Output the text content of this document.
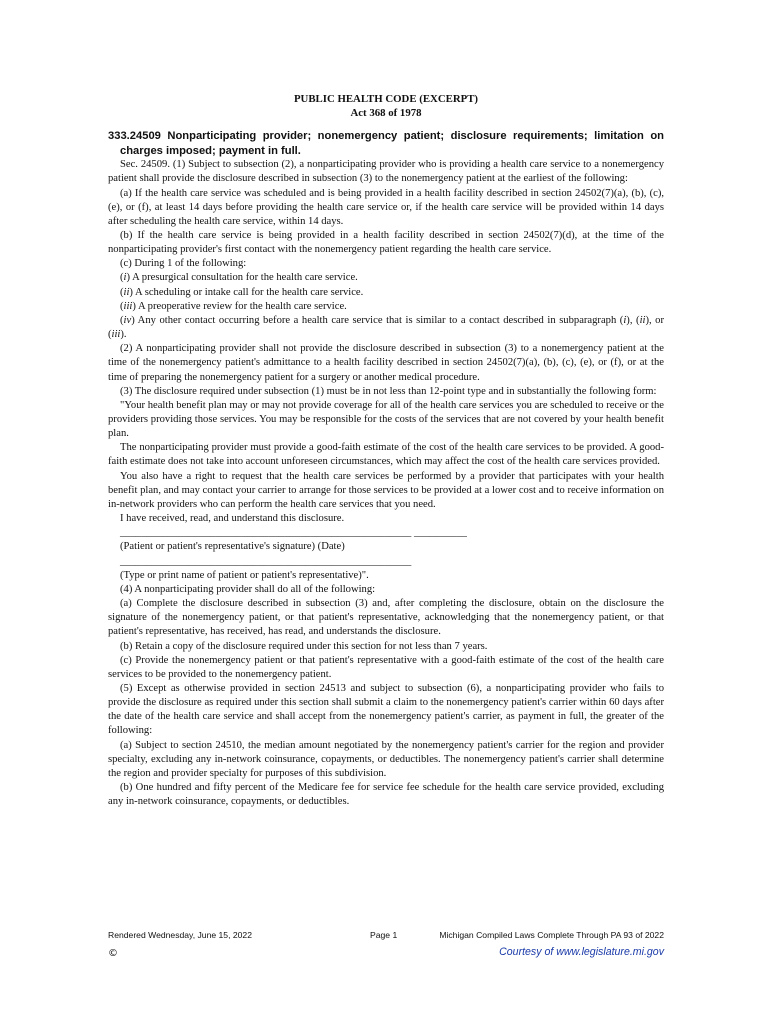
PUBLIC HEALTH CODE (EXCERPT)
Act 368 of 1978
333.24509 Nonparticipating provider; nonemergency patient; disclosure requirements; limitation on charges imposed; payment in full.

Sec. 24509. (1) Subject to subsection (2), a nonparticipating provider who is providing a health care service to a nonemergency patient shall provide the disclosure described in subsection (3) to the nonemergency patient at the earliest of the following:

(a) If the health care service was scheduled and is being provided in a health facility described in section 24502(7)(a), (b), (c), (e), or (f), at least 14 days before providing the health care service or, if the health care service will be provided within 14 days after scheduling the health care service, within 14 days.

(b) If the health care service is being provided in a health facility described in section 24502(7)(d), at the time of the nonparticipating provider's first contact with the nonemergency patient regarding the health care service.

(c) During 1 of the following:

(i) A presurgical consultation for the health care service.

(ii) A scheduling or intake call for the health care service.

(iii) A preoperative review for the health care service.

(iv) Any other contact occurring before a health care service that is similar to a contact described in subparagraph (i), (ii), or (iii).

(2) A nonparticipating provider shall not provide the disclosure described in subsection (3) to a nonemergency patient at the time of the nonemergency patient's admittance to a health facility described in section 24502(7)(a), (b), (c), (e), or (f), or at the time of preparing the nonemergency patient for a surgery or another medical procedure.

(3) The disclosure required under subsection (1) must be in not less than 12-point type and in substantially the following form:

"Your health benefit plan may or may not provide coverage for all of the health care services you are scheduled to receive or the providers providing those services. You may be responsible for the costs of the services that are not covered by your health benefit plan.

The nonparticipating provider must provide a good-faith estimate of the cost of the health care services to be provided. A good-faith estimate does not take into account unforeseen circumstances, which may affect the cost of the health care services provided.

You also have a right to request that the health care services be performed by a provider that participates with your health benefit plan, and may contact your carrier to arrange for those services to be provided at a lower cost and to receive information on in-network providers who can perform the health care services that you need.

I have received, read, and understand this disclosure.

_______________________________________________________ __________

(Patient or patient's representative's signature) (Date)

_______________________________________________________

(Type or print name of patient or patient's representative)".

(4) A nonparticipating provider shall do all of the following:

(a) Complete the disclosure described in subsection (3) and, after completing the disclosure, obtain on the disclosure the signature of the nonemergency patient, or that patient's representative, acknowledging that the nonemergency patient, or that patient's representative, has received, has read, and understands the disclosure.

(b) Retain a copy of the disclosure required under this section for not less than 7 years.

(c) Provide the nonemergency patient or that patient's representative with a good-faith estimate of the cost of the health care services to be provided to the nonemergency patient.

(5) Except as otherwise provided in section 24513 and subject to subsection (6), a nonparticipating provider who fails to provide the disclosure as required under this section shall submit a claim to the nonemergency patient's carrier within 60 days after the date of the health care service and shall accept from the nonemergency patient's carrier, as payment in full, the greater of the following:

(a) Subject to section 24510, the median amount negotiated by the nonemergency patient's carrier for the region and provider specialty, excluding any in-network coinsurance, copayments, or deductibles. The nonemergency patient's carrier shall determine the region and provider specialty for purposes of this subdivision.

(b) One hundred and fifty percent of the Medicare fee for service fee schedule for the health care service provided, excluding any in-network coinsurance, copayments, or deductibles.

Rendered Wednesday, June 15, 2022	Page 1	Michigan Compiled Laws Complete Through PA 93 of 2022
©	Courtesy of www.legislature.mi.gov
